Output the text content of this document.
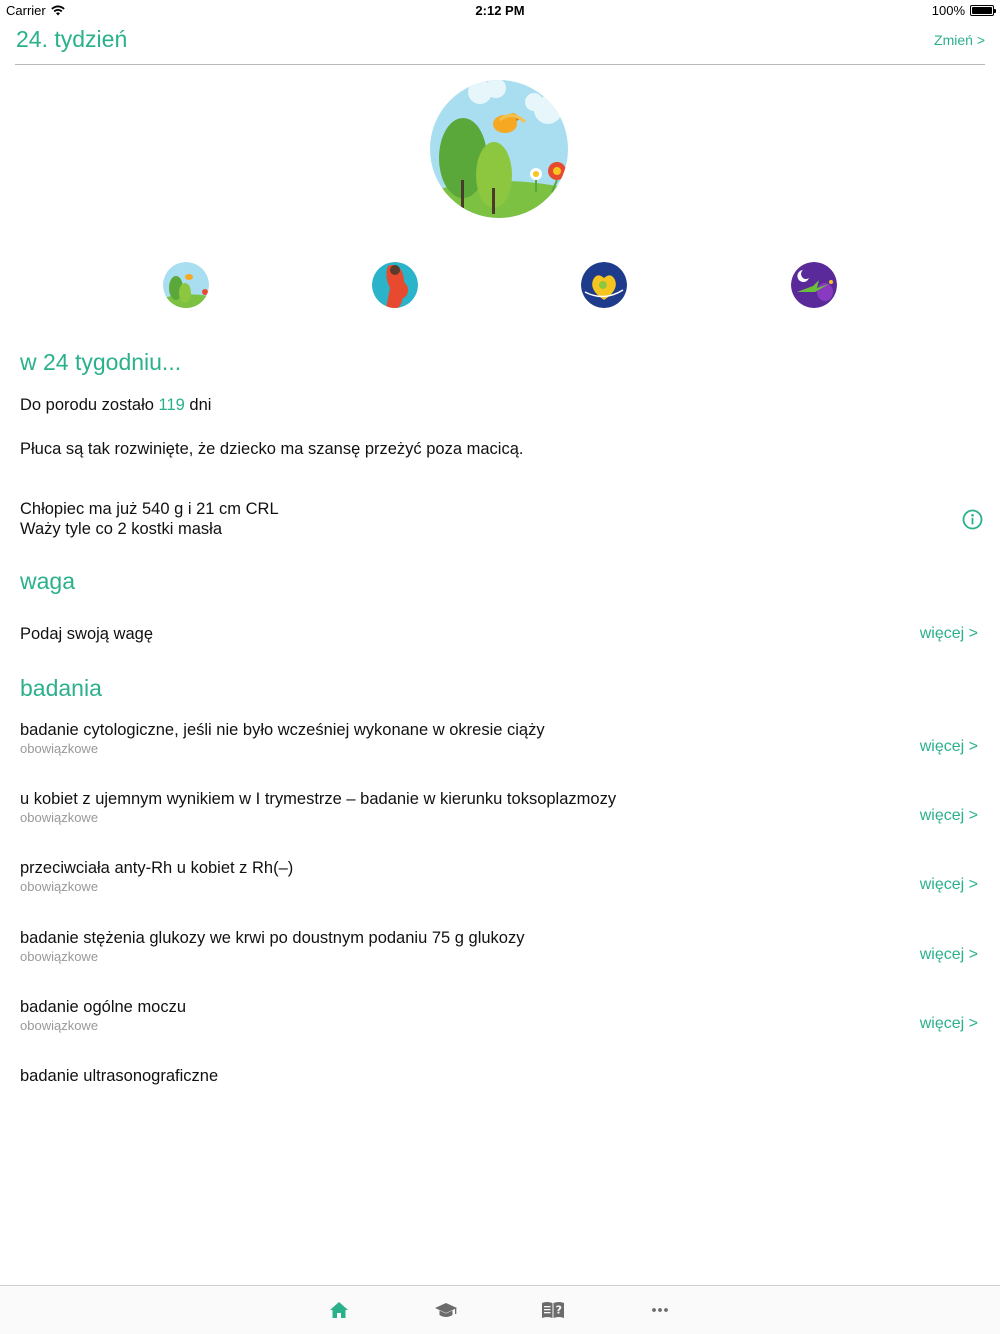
Carrier	2:12 PM	100%
24. tydzień	Zmień >
w 24 tygodniu...
Do porodu zostało 119 dni
Płuca są tak rozwinięte, że dziecko ma szansę przeżyć poza macicą.
Chłopiec ma już 540 g i 21 cm CRL
Waży tyle co 2 kostki masła
waga
Podaj swoją wagę	więcej >
badania
badanie cytologiczne, jeśli nie było wcześniej wykonane w okresie ciąży
obowiązkowe	więcej >
u kobiet z ujemnym wynikiem w I trymestrze – badanie w kierunku toksoplazmozy
obowiązkowe	więcej >
przeciwciała anty-Rh u kobiet z Rh(–)
obowiązkowe	więcej >
badanie stężenia glukozy we krwi po doustnym podaniu 75 g glukozy
obowiązkowe	więcej >
badanie ogólne moczu
obowiązkowe	więcej >
badanie ultrasonograficzne
?
